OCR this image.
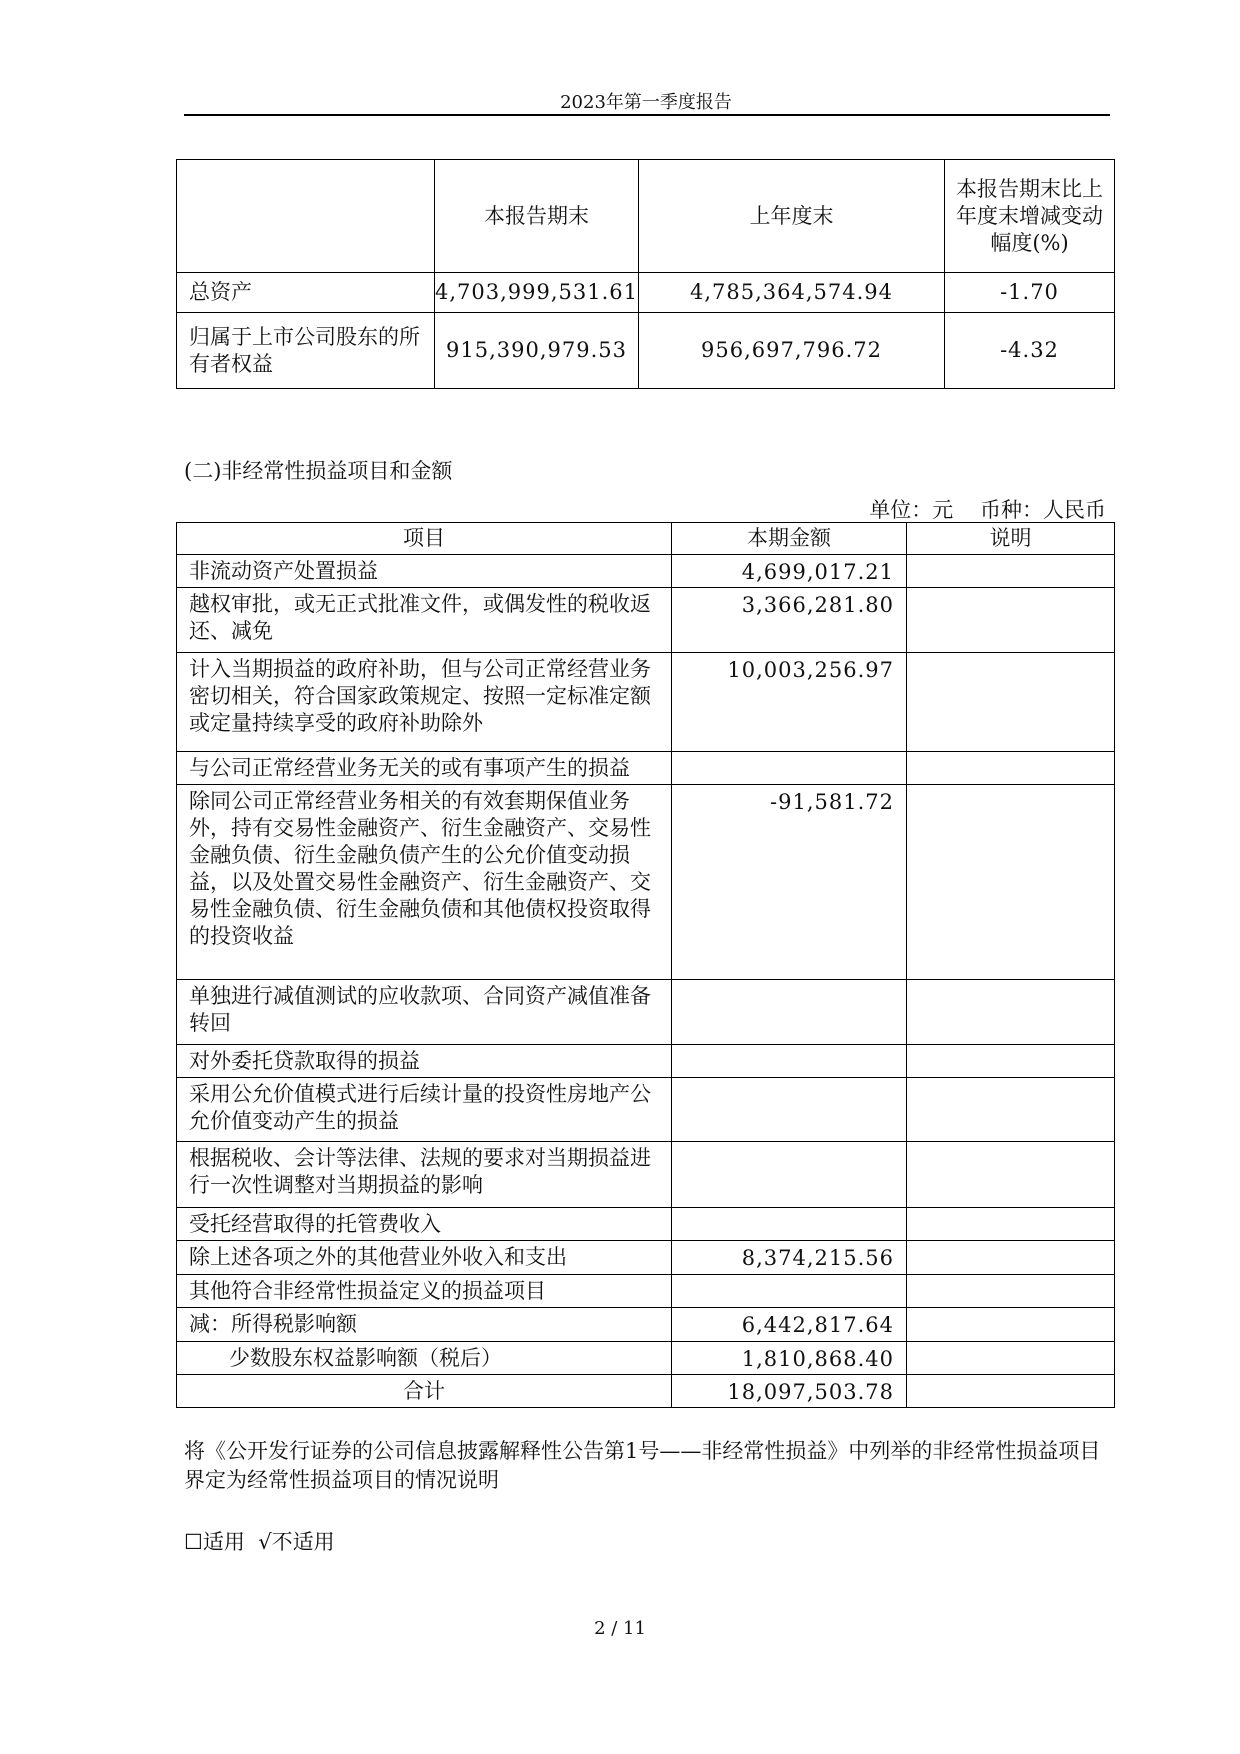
2023年第一季度报告
	本报告期末	上年度末	本报告期末比上年度末增减变动幅度(%)
总资产	4,703,999,531.61	4,785,364,574.94	-1.70
归属于上市公司股东的所有者权益	915,390,979.53	956,697,796.72	-4.32
(二)非经常性损益项目和金额
单位：元    币种：人民币
项目	本期金额	说明
非流动资产处置损益	4,699,017.21	
越权审批，或无正式批准文件，或偶发性的税收返还、减免	3,366,281.80	
计入当期损益的政府补助，但与公司正常经营业务密切相关，符合国家政策规定、按照一定标准定额或定量持续享受的政府补助除外	10,003,256.97	
与公司正常经营业务无关的或有事项产生的损益		
除同公司正常经营业务相关的有效套期保值业务外，持有交易性金融资产、衍生金融资产、交易性金融负债、衍生金融负债产生的公允价值变动损益，以及处置交易性金融资产、衍生金融资产、交易性金融负债、衍生金融负债和其他债权投资取得的投资收益	-91,581.72	
单独进行减值测试的应收款项、合同资产减值准备转回		
对外委托贷款取得的损益		
采用公允价值模式进行后续计量的投资性房地产公允价值变动产生的损益		
根据税收、会计等法律、法规的要求对当期损益进行一次性调整对当期损益的影响		
受托经营取得的托管费收入		
除上述各项之外的其他营业外收入和支出	8,374,215.56	
其他符合非经常性损益定义的损益项目		
减：所得税影响额	6,442,817.64	
少数股东权益影响额（税后）	1,810,868.40	
合计	18,097,503.78	
将《公开发行证券的公司信息披露解释性公告第1号——非经常性损益》中列举的非经常性损益项目界定为经常性损益项目的情况说明
☐适用 √不适用
2 / 11
